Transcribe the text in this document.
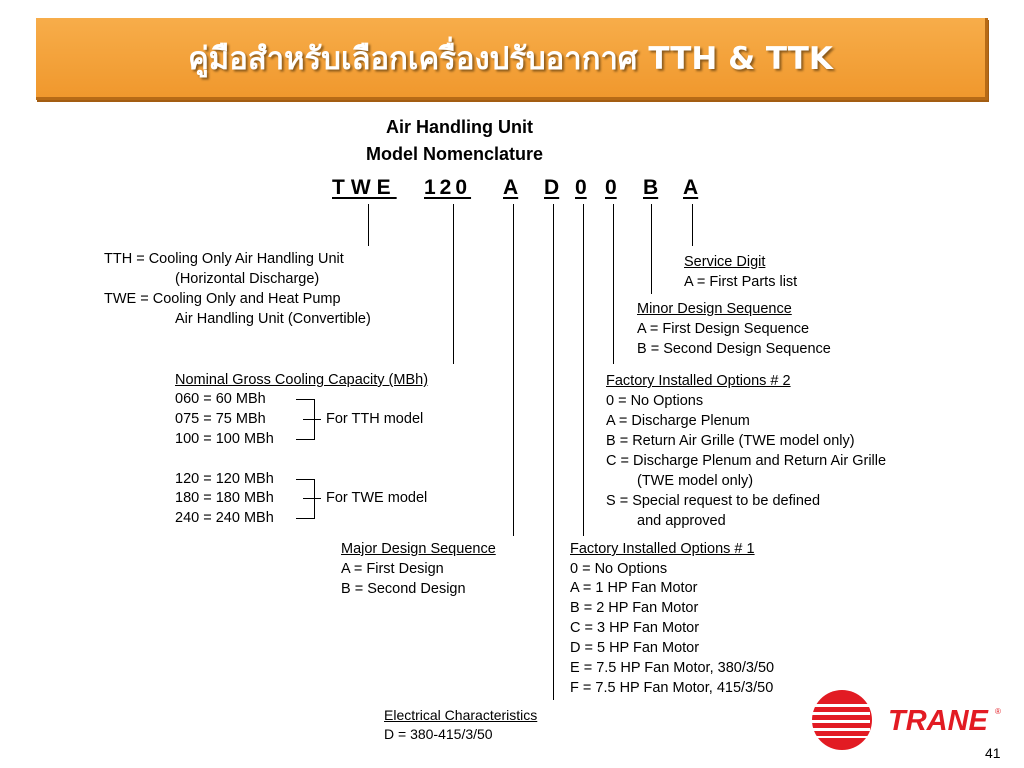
คู่มือสำหรับเลือกเครื่องปรับอากาศ TTH & TTK
Air Handling Unit
Model Nomenclature
TWE 120 A D 0 0 B A
TTH = Cooling Only Air Handling Unit
(Horizontal Discharge)
TWE = Cooling Only and Heat Pump
Air Handling Unit (Convertible)
Nominal Gross Cooling Capacity (MBh)
060 = 60 MBh
075 = 75 MBh
100 = 100 MBh
For TTH model
120 = 120 MBh
180 = 180 MBh
240 = 240 MBh
For TWE model
Major Design Sequence
A = First Design
B = Second Design
Electrical Characteristics
D = 380-415/3/50
Factory Installed Options # 1
0 = No Options
A = 1 HP Fan Motor
B = 2 HP Fan Motor
C = 3 HP Fan Motor
D = 5 HP Fan Motor
E = 7.5 HP Fan Motor, 380/3/50
F = 7.5 HP Fan Motor, 415/3/50
Factory Installed Options # 2
0 = No Options
A = Discharge Plenum
B = Return Air Grille (TWE model only)
C = Discharge Plenum and Return Air Grille
(TWE model only)
S = Special request to be defined
and approved
Minor Design Sequence
A = First Design Sequence
B = Second Design Sequence
Service Digit
A = First Parts list
TRANE ®
41
